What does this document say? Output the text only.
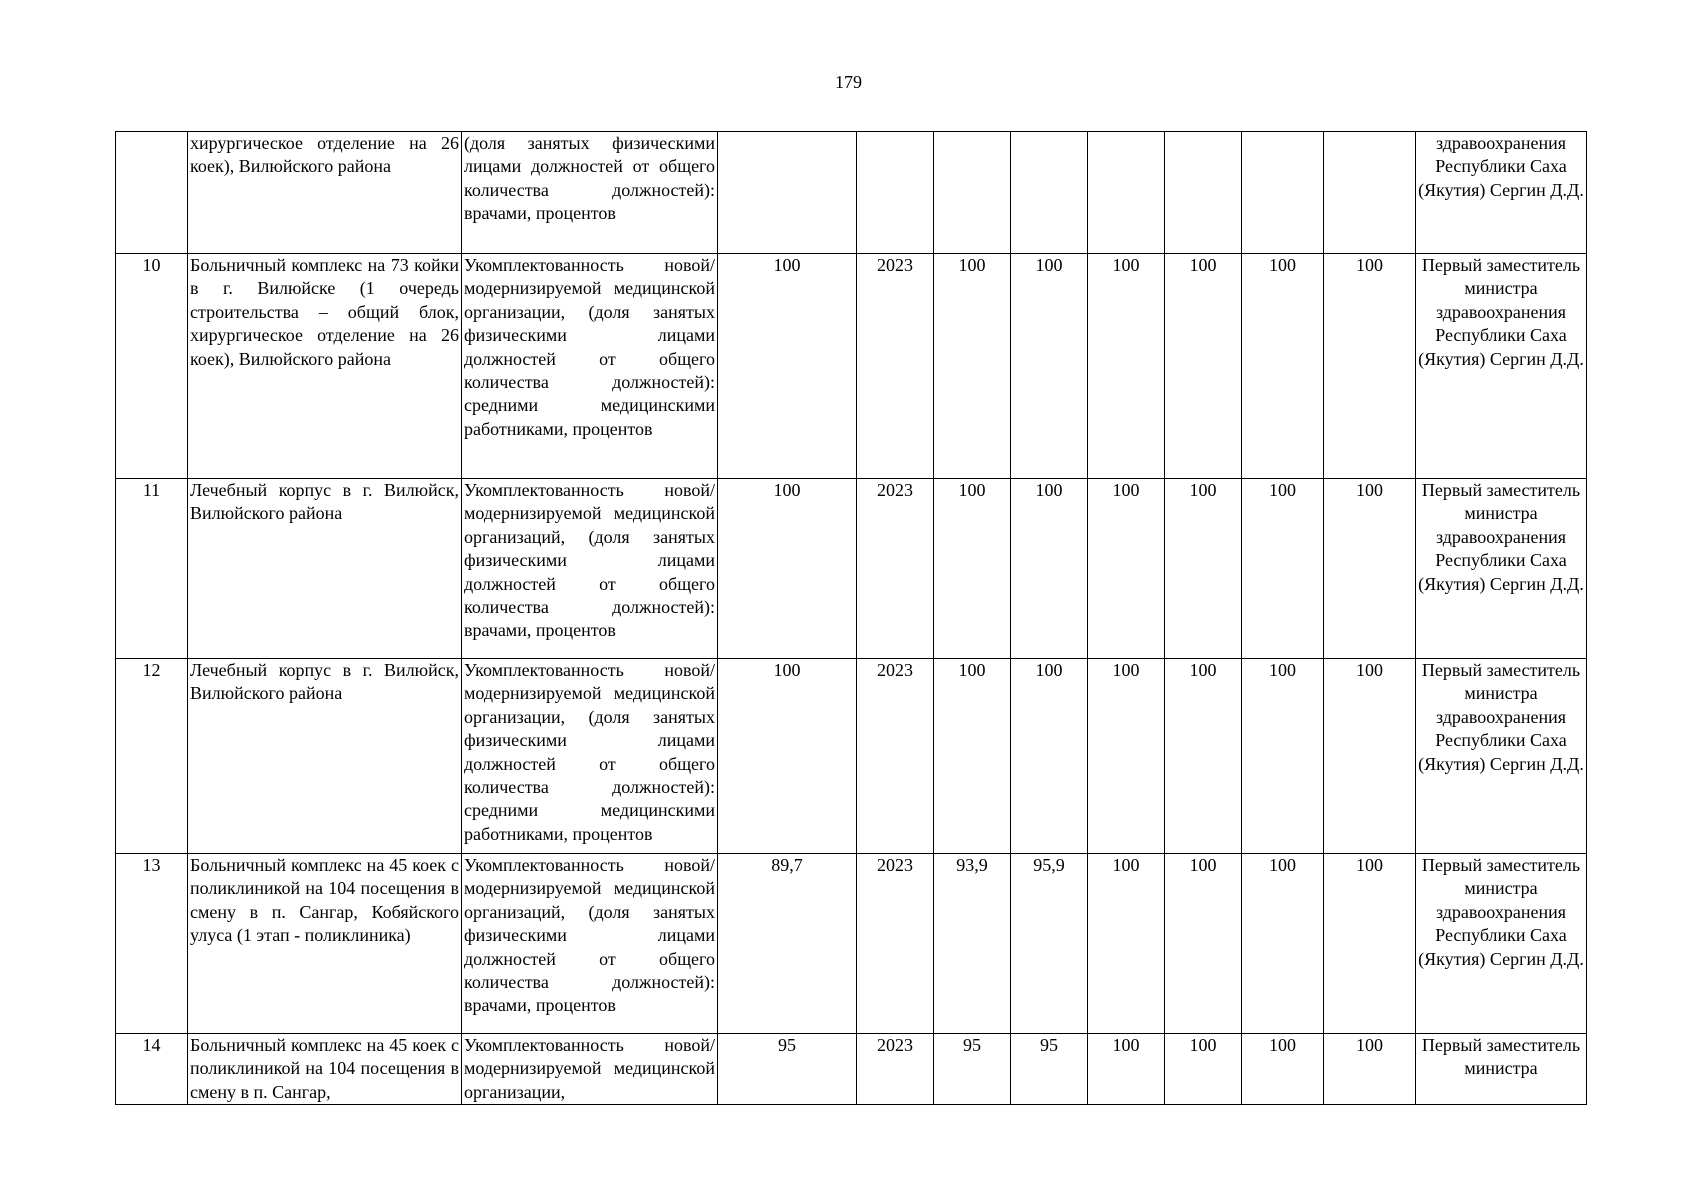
179
	хирургическое отделение на 26 коек), Вилюйского района	(доля занятых физическими лицами должностей от общего количества должностей): врачами, процентов									здравоохранения Республики Саха (Якутия) Сергин Д.Д.
10	Больничный комплекс на 73 койки в г. Вилюйске (1 очередь строительства – общий блок, хирургическое отделение на 26 коек), Вилюйского района	Укомплектованность новой/модернизируемой медицинской организации, (доля занятых физическими лицами должностей от общего количества должностей): средними медицинскими работниками, процентов	100	2023	100	100	100	100	100	100	Первый заместитель министра здравоохранения Республики Саха (Якутия) Сергин Д.Д.
11	Лечебный корпус в г. Вилюйск, Вилюйского района	Укомплектованность новой/модернизируемой медицинской организаций, (доля занятых физическими лицами должностей от общего количества должностей): врачами, процентов	100	2023	100	100	100	100	100	100	Первый заместитель министра здравоохранения Республики Саха (Якутия) Сергин Д.Д.
12	Лечебный корпус в г. Вилюйск, Вилюйского района	Укомплектованность новой/модернизируемой медицинской организации, (доля занятых физическими лицами должностей от общего количества должностей): средними медицинскими работниками, процентов	100	2023	100	100	100	100	100	100	Первый заместитель министра здравоохранения Республики Саха (Якутия) Сергин Д.Д.
13	Больничный комплекс на 45 коек с поликлиникой на 104 посещения в смену в п. Сангар, Кобяйского улуса (1 этап - поликлиника)	Укомплектованность новой/модернизируемой медицинской организаций, (доля занятых физическими лицами должностей от общего количества должностей): врачами, процентов	89,7	2023	93,9	95,9	100	100	100	100	Первый заместитель министра здравоохранения Республики Саха (Якутия) Сергин Д.Д.
14	Больничный комплекс на 45 коек с поликлиникой на 104 посещения в смену в п. Сангар,	Укомплектованность новой/модернизируемой медицинской организации,	95	2023	95	95	100	100	100	100	Первый заместитель министра
